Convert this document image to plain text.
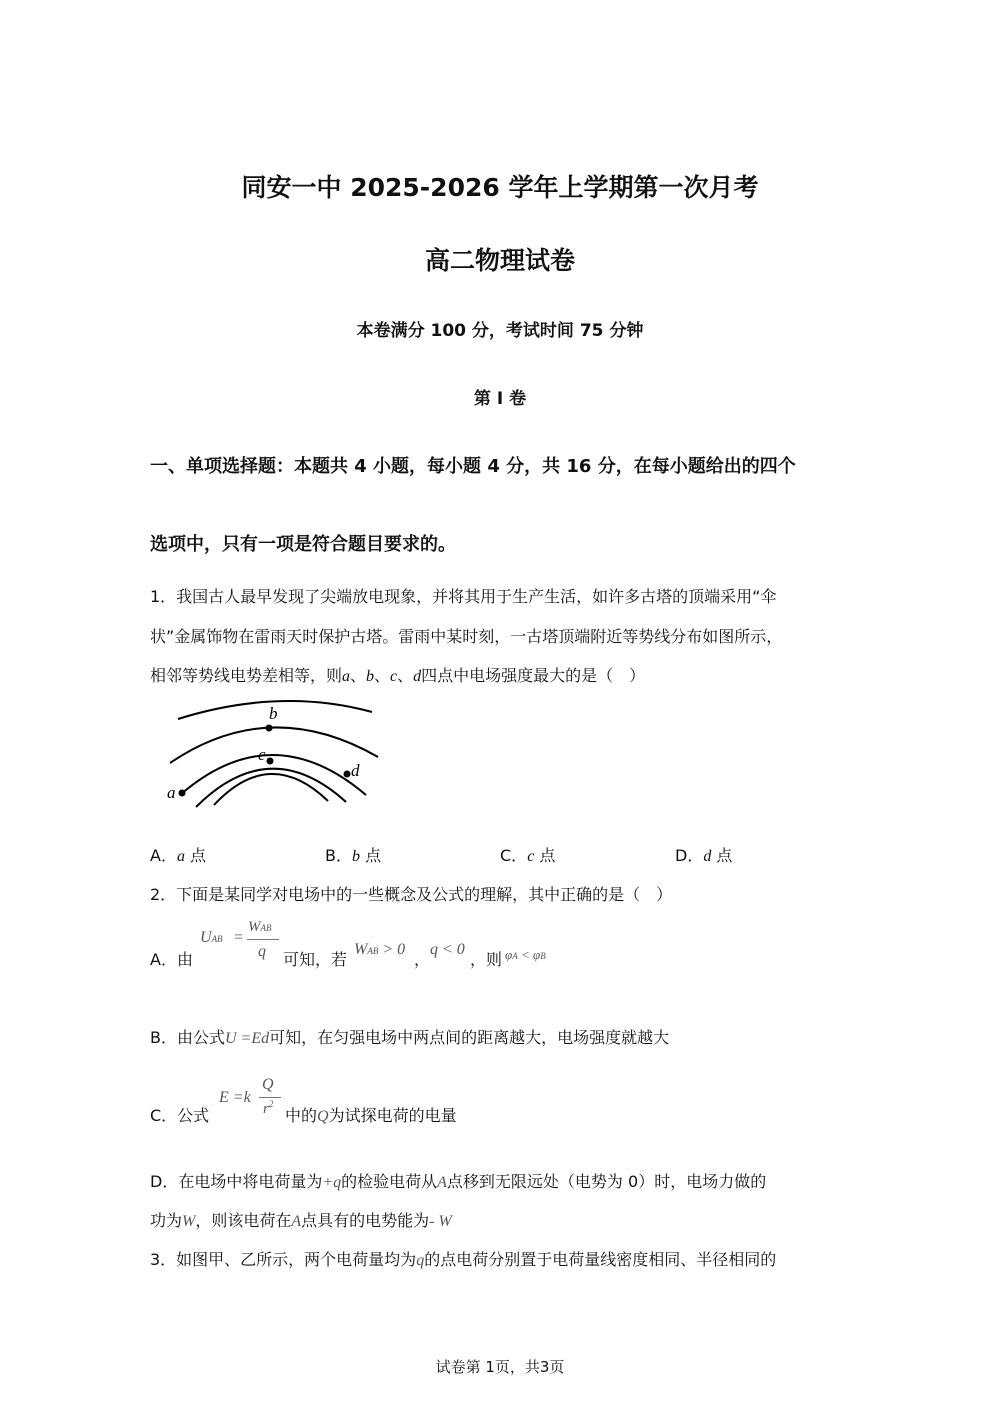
同安一中 2025-2026 学年上学期第一次月考
高二物理试卷
本卷满分 100 分，考试时间 75 分钟
第 I 卷
一、单项选择题：本题共 4 小题，每小题 4 分，共 16 分，在每小题给出的四个
选项中，只有一项是符合题目要求的。
1．我国古人最早发现了尖端放电现象，并将其用于生产生活，如许多古塔的顶端采用“伞
状”金属饰物在雷雨天时保护古塔。雷雨中某时刻，一古塔顶端附近等势线分布如图所示，
相邻等势线电势差相等，则a、b、c、d四点中电场强度最大的是（　）
a
b
c
d
A．a 点	B．b 点	C．c 点	D．d 点
2．下面是某同学对电场中的一些概念及公式的理解，其中正确的是（　）
A．由
UAB =
WAB
q 可知，若
WAB > 0
，
q < 0
，则 φA < φB
B．由公式U =Ed可知，在匀强电场中两点间的距离越大，电场强度就越大
C．公式
E =k
Q
$r^2$
中的Q为试探电荷的电量
D．在电场中将电荷量为+q的检验电荷从A点移到无限远处（电势为 0）时，电场力做的
功为W，则该电荷在A点具有的电势能为- W
3．如图甲、乙所示，两个电荷量均为q的点电荷分别置于电荷量线密度相同、半径相同的
试卷第 1页，共3页
